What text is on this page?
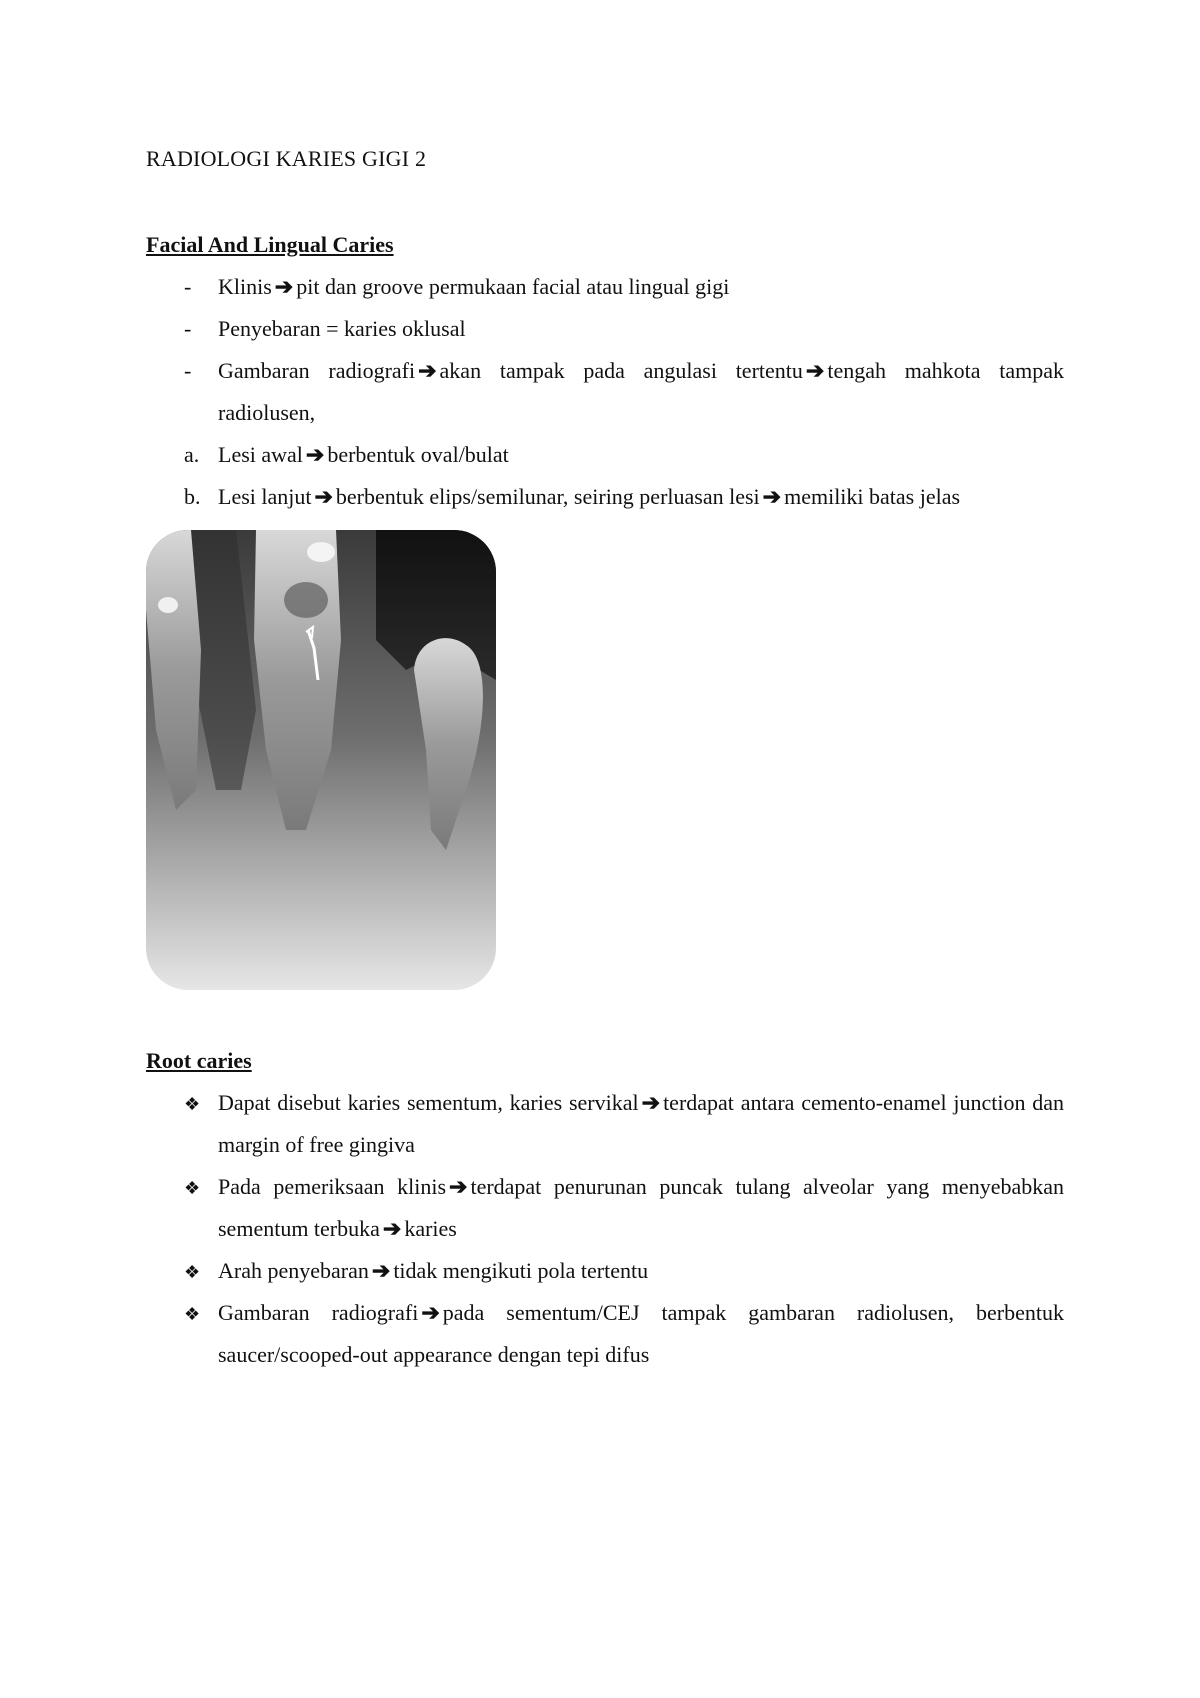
RADIOLOGI KARIES GIGI 2
Facial And Lingual Caries
-	Klinis ➔ pit dan groove permukaan facial atau lingual gigi
-	Penyebaran = karies oklusal
-	Gambaran radiografi ➔ akan tampak pada angulasi tertentu ➔ tengah mahkota tampak radiolusen,
a. Lesi awal ➔ berbentuk oval/bulat
b. Lesi lanjut ➔ berbentuk elips/semilunar, seiring perluasan lesi ➔ memiliki batas jelas
Root caries
❖ Dapat disebut karies sementum, karies servikal ➔ terdapat antara cemento-enamel junction dan margin of free gingiva
❖ Pada pemeriksaan klinis ➔ terdapat penurunan puncak tulang alveolar yang menyebabkan sementum terbuka ➔ karies
❖ Arah penyebaran ➔ tidak mengikuti pola tertentu
❖ Gambaran radiografi ➔ pada sementum/CEJ tampak gambaran radiolusen, berbentuk saucer/scooped-out appearance dengan tepi difus
